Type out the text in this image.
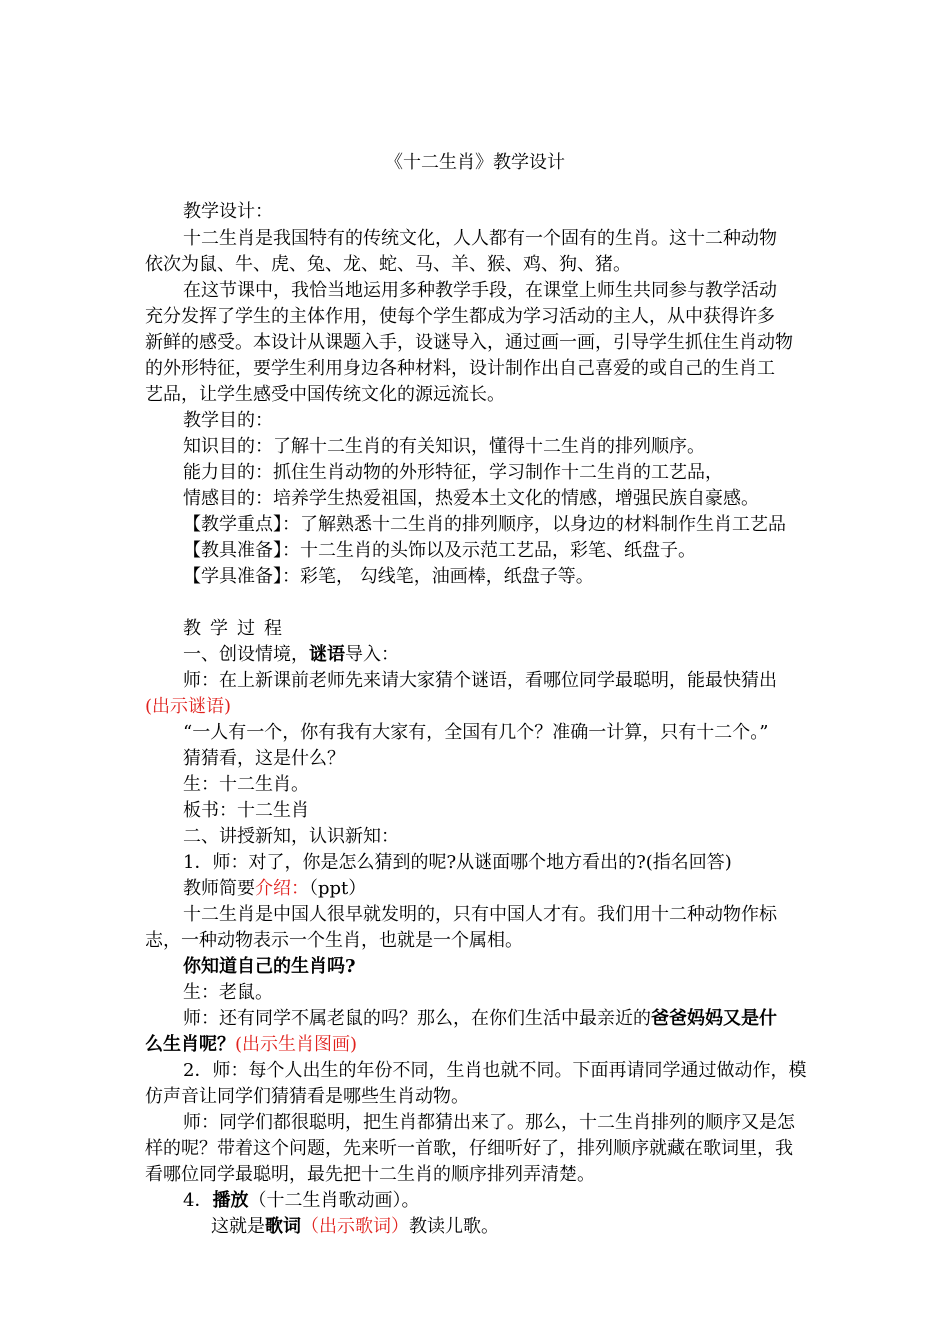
《十二生肖》教学设计
教学设计：
十二生肖是我国特有的传统文化，人人都有一个固有的生肖。这十二种动物
依次为鼠、牛、虎、兔、龙、蛇、马、羊、猴、鸡、狗、猪。
在这节课中，我恰当地运用多种教学手段，在课堂上师生共同参与教学活动
充分发挥了学生的主体作用，使每个学生都成为学习活动的主人，从中获得许多
新鲜的感受。本设计从课题入手，设谜导入，通过画一画，引导学生抓住生肖动物
的外形特征，要学生利用身边各种材料，设计制作出自己喜爱的或自己的生肖工
艺品，让学生感受中国传统文化的源远流长。
教学目的：
知识目的：了解十二生肖的有关知识，懂得十二生肖的排列顺序。
能力目的：抓住生肖动物的外形特征，学习制作十二生肖的工艺品，
情感目的：培养学生热爱祖国，热爱本土文化的情感，增强民族自豪感。
【教学重点】：了解熟悉十二生肖的排列顺序，以身边的材料制作生肖工艺品
【教具准备】：十二生肖的头饰以及示范工艺品，彩笔、纸盘子。
【学具准备】：彩笔， 勾线笔，油画棒，纸盘子等。
教学过程
一、创设情境，谜语导入：
师：在上新课前老师先来请大家猜个谜语，看哪位同学最聪明，能最快猜出
(出示谜语)
“一人有一个，你有我有大家有，全国有几个？准确一计算，只有十二个。”
猜猜看，这是什么？
生：十二生肖。
板书：十二生肖
二、讲授新知，认识新知：
1．师：对了，你是怎么猜到的呢?从谜面哪个地方看出的?(指名回答)
教师简要介绍：（ppt）
十二生肖是中国人很早就发明的，只有中国人才有。我们用十二种动物作标
志，一种动物表示一个生肖，也就是一个属相。
你知道自己的生肖吗?
生：老鼠。
师：还有同学不属老鼠的吗？那么，在你们生活中最亲近的爸爸妈妈又是什
么生肖呢？(出示生肖图画)
2．师：每个人出生的年份不同，生肖也就不同。下面再请同学通过做动作，模
仿声音让同学们猜猜看是哪些生肖动物。
师：同学们都很聪明，把生肖都猜出来了。那么，十二生肖排列的顺序又是怎
样的呢？带着这个问题，先来听一首歌，仔细听好了，排列顺序就藏在歌词里，我
看哪位同学最聪明，最先把十二生肖的顺序排列弄清楚。
4．播放（十二生肖歌动画）。
这就是歌词（出示歌词）教读儿歌。
